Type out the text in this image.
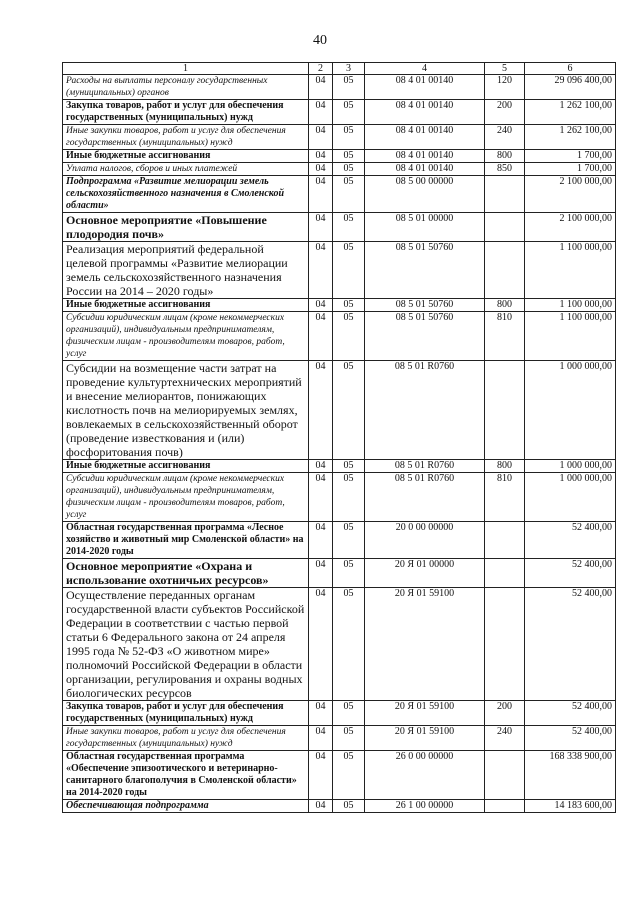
40
1	2	3	4	5	6
Расходы на выплаты персоналу государственных (муниципальных) органов	04	05	08 4 01 00140	120	29 096 400,00
Закупка товаров, работ и услуг для обеспечения государственных (муниципальных) нужд	04	05	08 4 01 00140	200	1 262 100,00
Иные закупки товаров, работ и услуг для обеспечения государственных (муниципальных) нужд	04	05	08 4 01 00140	240	1 262 100,00
Иные бюджетные ассигнования	04	05	08 4 01 00140	800	1 700,00
Уплата налогов, сборов и иных платежей	04	05	08 4 01 00140	850	1 700,00
Подпрограмма «Развитие мелиорации земель сельскохозяйственного назначения в Смоленской области»	04	05	08 5 00 00000		2 100 000,00
Основное мероприятие «Повышение плодородия почв»	04	05	08 5 01 00000		2 100 000,00
Реализация мероприятий федеральной целевой программы «Развитие мелиорации земель сельскохозяйственного назначения России на 2014 – 2020 годы»	04	05	08 5 01 50760		1 100 000,00
Иные бюджетные ассигнования	04	05	08 5 01 50760	800	1 100 000,00
Субсидии юридическим лицам (кроме некоммерческих организаций), индивидуальным предпринимателям, физическим лицам - производителям товаров, работ, услуг	04	05	08 5 01 50760	810	1 100 000,00
Субсидии на возмещение части затрат на проведение культуртехнических мероприятий и внесение мелиорантов, понижающих кислотность почв на мелиорируемых землях, вовлекаемых в сельскохозяйственный оборот (проведение известкования и (или) фосфоритования почв)	04	05	08 5 01 R0760		1 000 000,00
Иные бюджетные ассигнования	04	05	08 5 01 R0760	800	1 000 000,00
Субсидии юридическим лицам (кроме некоммерческих организаций), индивидуальным предпринимателям, физическим лицам - производителям товаров, работ, услуг	04	05	08 5 01 R0760	810	1 000 000,00
Областная государственная программа «Лесное хозяйство и животный мир Смоленской области» на 2014-2020 годы	04	05	20 0 00 00000		52 400,00
Основное мероприятие «Охрана и использование охотничьих ресурсов»	04	05	20 Я 01 00000		52 400,00
Осуществление переданных органам государственной власти субъектов Российской Федерации в соответствии с частью первой статьи 6 Федерального закона от 24 апреля 1995 года № 52-ФЗ «О животном мире» полномочий Российской Федерации в области организации, регулирования и охраны водных биологических ресурсов	04	05	20 Я 01 59100		52 400,00
Закупка товаров, работ и услуг для обеспечения государственных (муниципальных) нужд	04	05	20 Я 01 59100	200	52 400,00
Иные закупки товаров, работ и услуг для обеспечения государственных (муниципальных) нужд	04	05	20 Я 01 59100	240	52 400,00
Областная государственная программа «Обеспечение эпизоотического и ветеринарно-санитарного благополучия в Смоленской области» на 2014-2020 годы	04	05	26 0 00 00000		168 338 900,00
Обеспечивающая подпрограмма	04	05	26 1 00 00000		14 183 600,00
